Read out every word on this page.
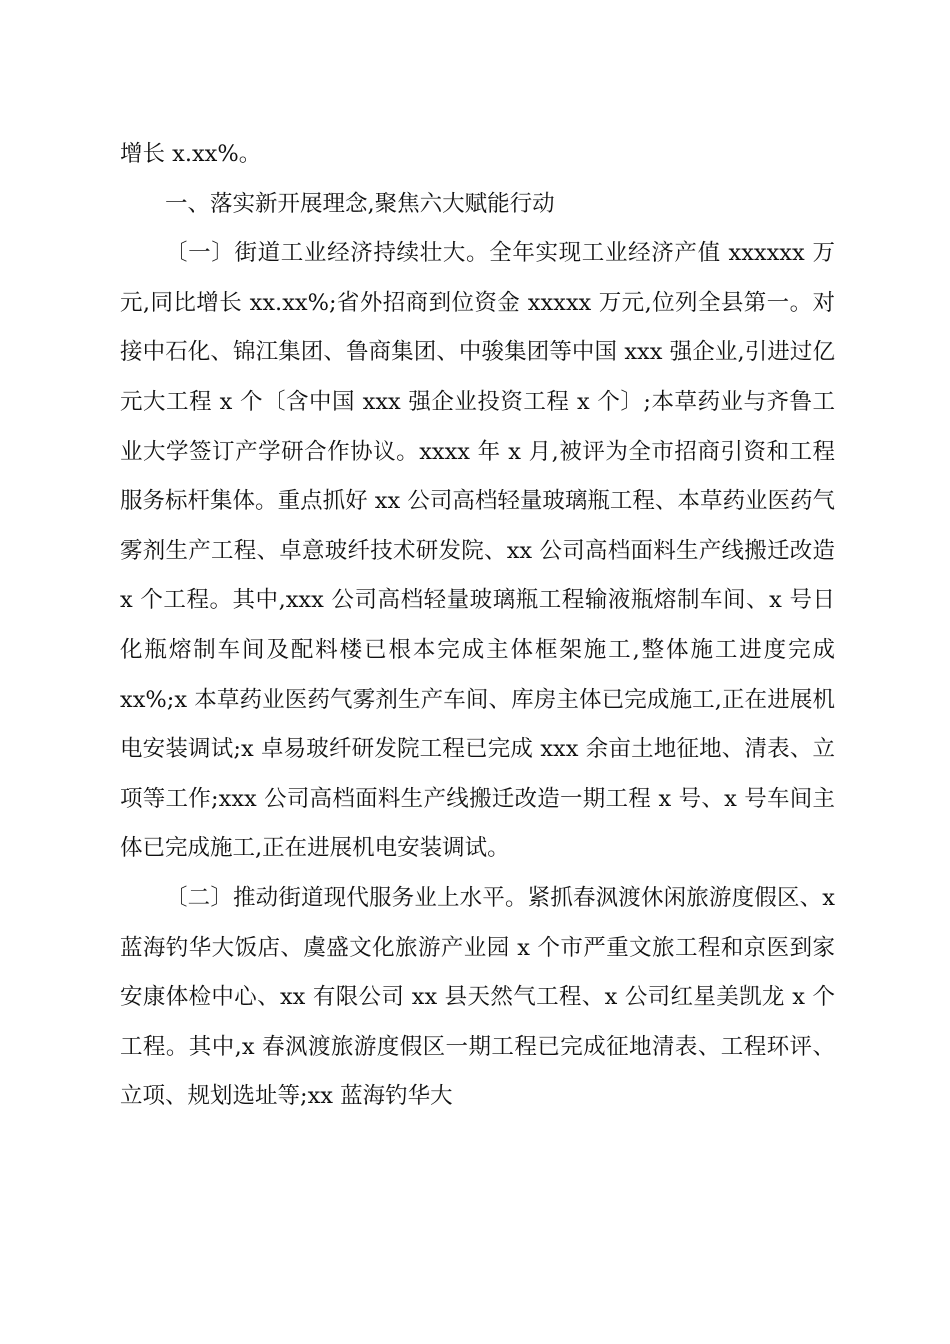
增长 x.xx%。

一、落实新开展理念,聚焦六大赋能行动

〔一〕街道工业经济持续壮大。全年实现工业经济产值 xxxxxx 万元,同比增长 xx.xx%;省外招商到位资金 xxxxx 万元,位列全县第一。对接中石化、锦江集团、鲁商集团、中骏集团等中国 xxx 强企业,引进过亿元大工程 x 个〔含中国 xxx 强企业投资工程 x 个〕;本草药业与齐鲁工业大学签订产学研合作协议。xxxx 年 x 月,被评为全市招商引资和工程服务标杆集体。重点抓好 xx 公司高档轻量玻璃瓶工程、本草药业医药气雾剂生产工程、卓意玻纤技术研发院、xx 公司高档面料生产线搬迁改造 x 个工程。其中,xxx 公司高档轻量玻璃瓶工程输液瓶熔制车间、x 号日化瓶熔制车间及配料楼已根本完成主体框架施工,整体施工进度完成 xx%;x 本草药业医药气雾剂生产车间、库房主体已完成施工,正在进展机电安装调试;x 卓易玻纤研发院工程已完成 xxx 余亩土地征地、清表、立项等工作;xxx 公司高档面料生产线搬迁改造一期工程 x 号、x 号车间主体已完成施工,正在进展机电安装调试。

〔二〕推动街道现代服务业上水平。紧抓春沨渡休闲旅游度假区、x 蓝海钓华大饭店、虞盛文化旅游产业园 x 个市严重文旅工程和京医到家安康体检中心、xx 有限公司 xx 县天然气工程、x 公司红星美凯龙 x 个工程。其中,x 春沨渡旅游度假区一期工程已完成征地清表、工程环评、立项、规划选址等;xx 蓝海钓华大
